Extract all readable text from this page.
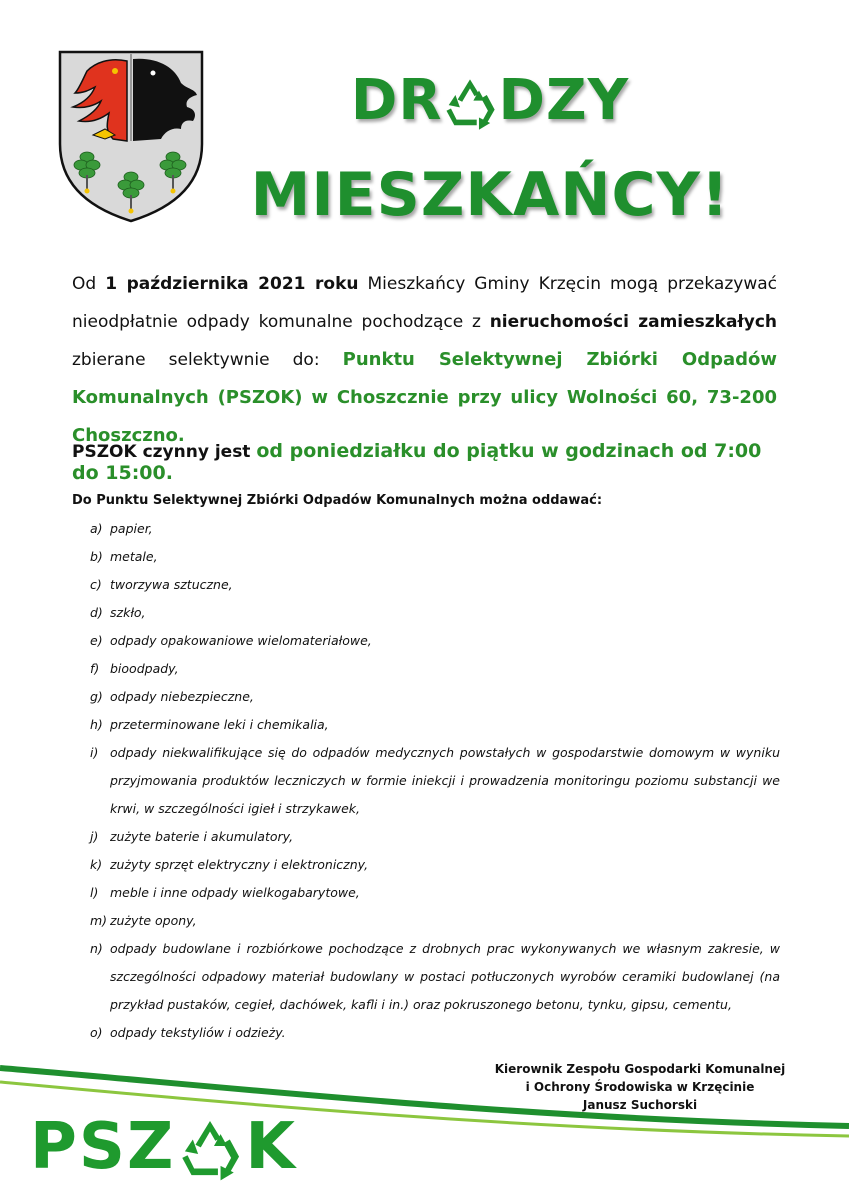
DR DZY
MIESZKAŃCY!
Od 1 października 2021 roku Mieszkańcy Gminy Krzęcin mogą przekazywać nieodpłatnie odpady komunalne pochodzące z nieruchomości zamieszkałych zbierane selektywnie do: Punktu Selektywnej Zbiórki Odpadów Komunalnych (PSZOK) w Choszcznie przy ulicy Wolności 60, 73-200 Choszczno.
PSZOK czynny jest od poniedziałku do piątku w godzinach od 7:00 do 15:00.
Do Punktu Selektywnej Zbiórki Odpadów Komunalnych można oddawać:
a) papier,
b) metale,
c) tworzywa sztuczne,
d) szkło,
e) odpady opakowaniowe wielomateriałowe,
f) bioodpady,
g) odpady niebezpieczne,
h) przeterminowane leki i chemikalia,
i) odpady niekwalifikujące się do odpadów medycznych powstałych w gospodarstwie domowym w wyniku przyjmowania produktów leczniczych w formie iniekcji i prowadzenia monitoringu poziomu substancji we krwi, w szczególności igieł i strzykawek,
j) zużyte baterie i akumulatory,
k) zużyty sprzęt elektryczny i elektroniczny,
l) meble i inne odpady wielkogabarytowe,
m) zużyte opony,
n) odpady budowlane i rozbiórkowe pochodzące z drobnych prac wykonywanych we własnym zakresie, w szczególności odpadowy materiał budowlany w postaci potłuczonych wyrobów ceramiki budowlanej (na przykład pustaków, cegieł, dachówek, kafli i in.) oraz pokruszonego betonu, tynku, gipsu, cementu,
o) odpady tekstyliów i odzieży.
Kierownik Zespołu Gospodarki Komunalnej
i Ochrony Środowiska w Krzęcinie
Janusz Suchorski
PSZ K
